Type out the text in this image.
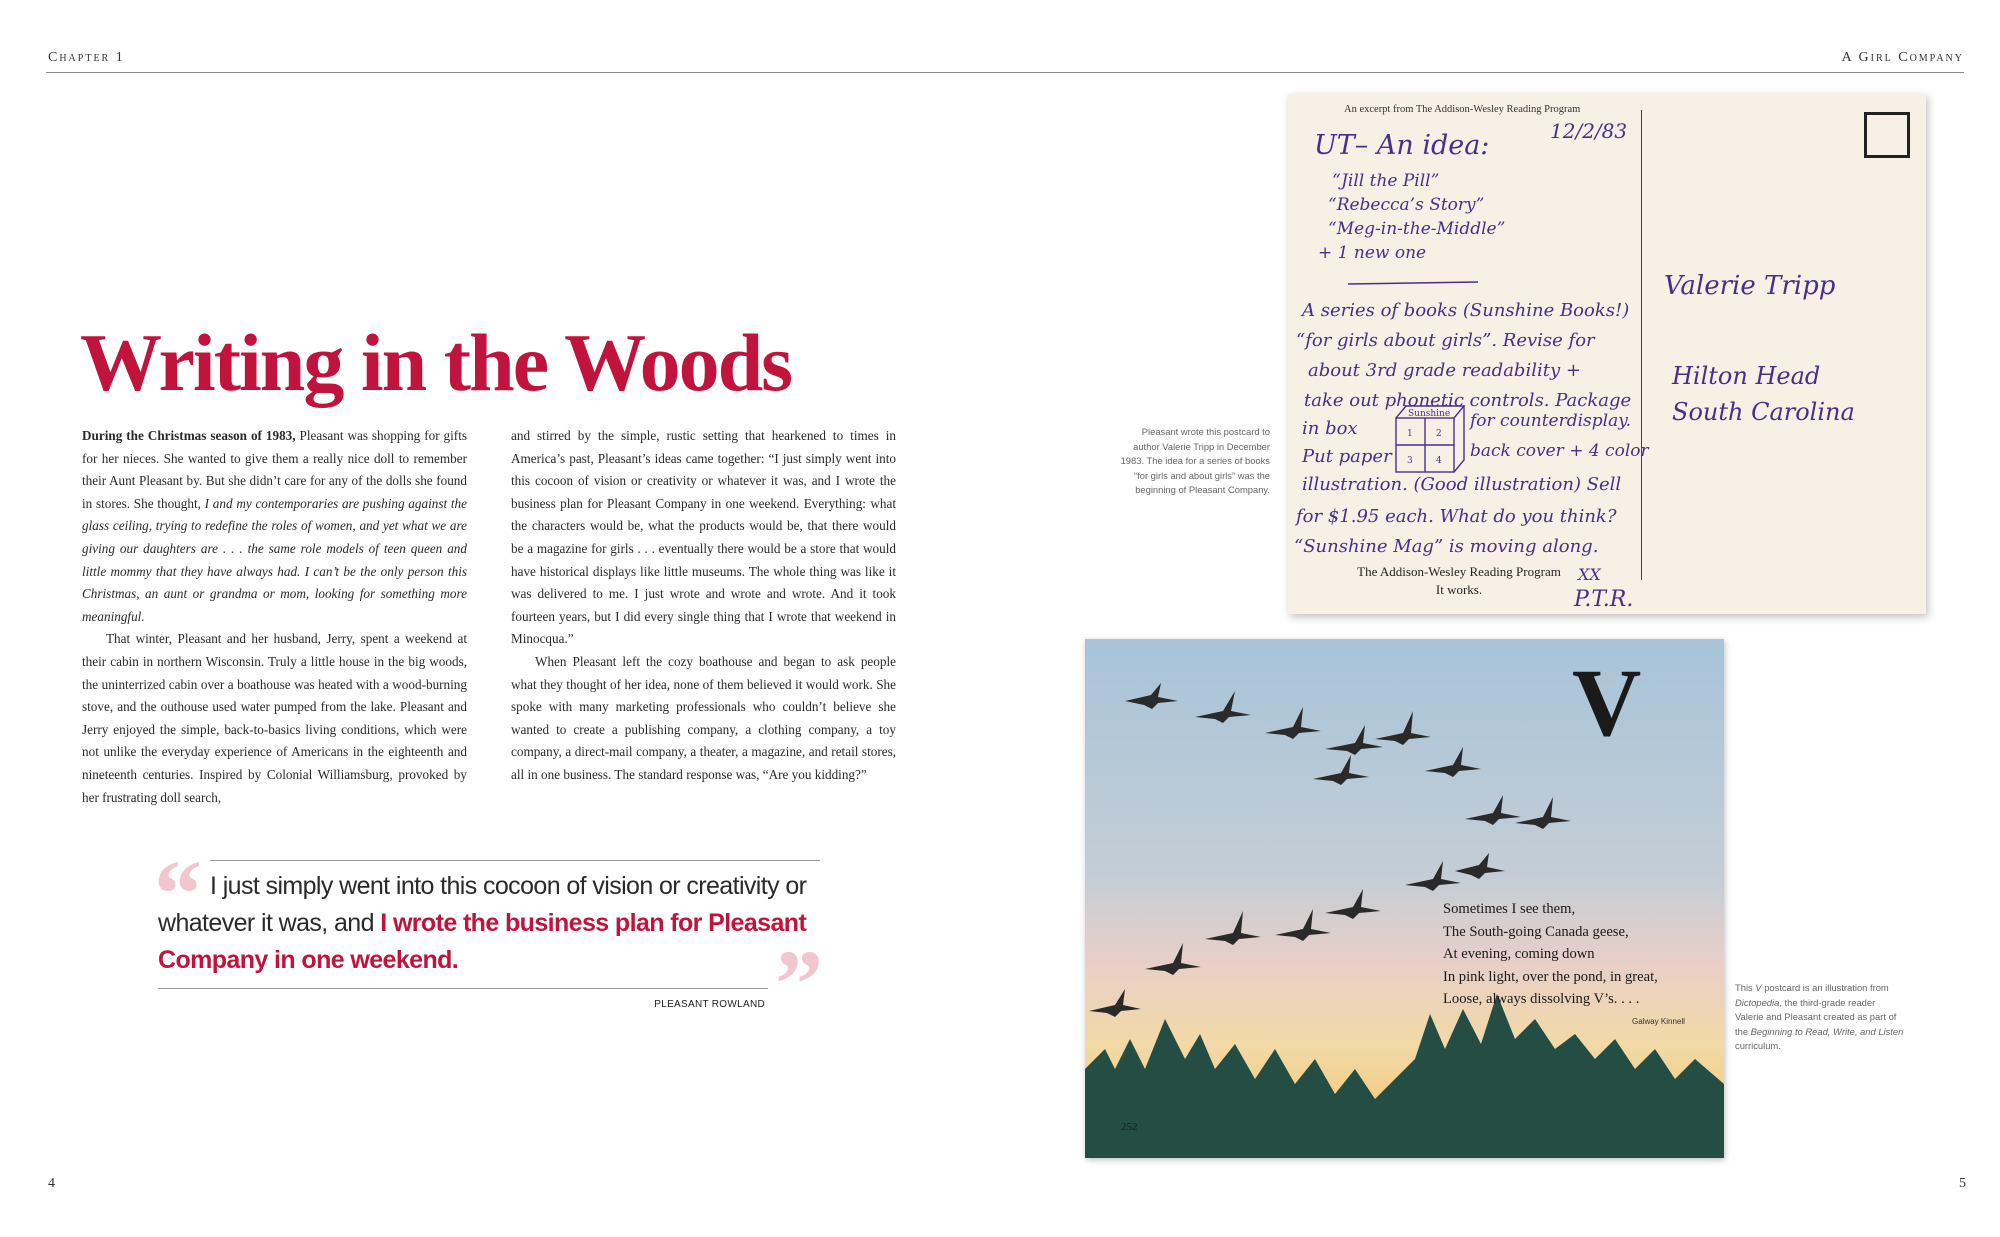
Chapter 1	A Girl Company
Writing in the Woods

During the Christmas season of 1983, Pleasant was shopping for gifts for her nieces. She wanted to give them a really nice doll to remember their Aunt Pleasant by. But she didn’t care for any of the dolls she found in stores. She thought, I and my contemporaries are pushing against the glass ceiling, trying to redefine the roles of women, and yet what we are giving our daughters are . . . the same role models of teen queen and little mommy that they have always had. I can’t be the only person this Christmas, an aunt or grandma or mom, looking for something more meaningful.

That winter, Pleasant and her husband, Jerry, spent a weekend at their cabin in northern Wisconsin. Truly a little house in the big woods, the uninterrized cabin over a boathouse was heated with a wood-burning stove, and the outhouse used water pumped from the lake. Pleasant and Jerry enjoyed the simple, back-to-basics living conditions, which were not unlike the everyday experience of Americans in the eighteenth and nineteenth centuries. Inspired by Colonial Williamsburg, provoked by her frustrating doll search,

and stirred by the simple, rustic setting that hearkened to times in America’s past, Pleasant’s ideas came together: “I just simply went into this cocoon of vision or creativity or whatever it was, and I wrote the business plan for Pleasant Company in one weekend. Everything: what the characters would be, what the products would be, that there would be a magazine for girls . . . eventually there would be a store that would have historical displays like little museums. The whole thing was like it was delivered to me. I just wrote and wrote and wrote. And it took fourteen years, but I did every single thing that I wrote that weekend in Minocqua.”

When Pleasant left the cozy boathouse and began to ask people what they thought of her idea, none of them believed it would work. She spoke with many marketing professionals who couldn’t believe she wanted to create a publishing company, a clothing company, a toy company, a direct-mail company, a theater, a magazine, and retail stores, all in one business. The standard response was, “Are you kidding?”

“ I just simply went into this cocoon of vision or creativity or whatever it was, and I wrote the business plan for Pleasant Company in one weekend.	”
PLEASANT ROWLAND
Pleasant wrote this postcard to author Valerie Tripp in December 1983. The idea for a series of books “for girls and about girls” was the beginning of Pleasant Company.
An excerpt from The Addison-Wesley Reading Program
UT– An idea:	12/2/83
“Jill the Pill”
“Rebecca’s Story”
“Meg-in-the-Middle”
+ 1 new one
A series of books (Sunshine Books!)
“for girls about girls”. Revise for
about 3rd grade readability +
take out phonetic controls. Package
in box	for counterdisplay.
Put paper	back cover + 4 color
illustration. (Good illustration) Sell
for $1.95 each. What do you think?
“Sunshine Mag” is moving along.
XX
P.T.R.
Sunshine
1	2
3	4
Valerie Tripp
Hilton Head
South Carolina
The Addison-Wesley Reading Program
It works.
V
Sometimes I see them,
The South-going Canada geese,
At evening, coming down
In pink light, over the pond, in great,
Loose, always dissolving V’s. . . .
Galway Kinnell
252
This V postcard is an illustration from Dictopedia, the third-grade reader Valerie and Pleasant created as part of the Beginning to Read, Write, and Listen curriculum.
4	5
